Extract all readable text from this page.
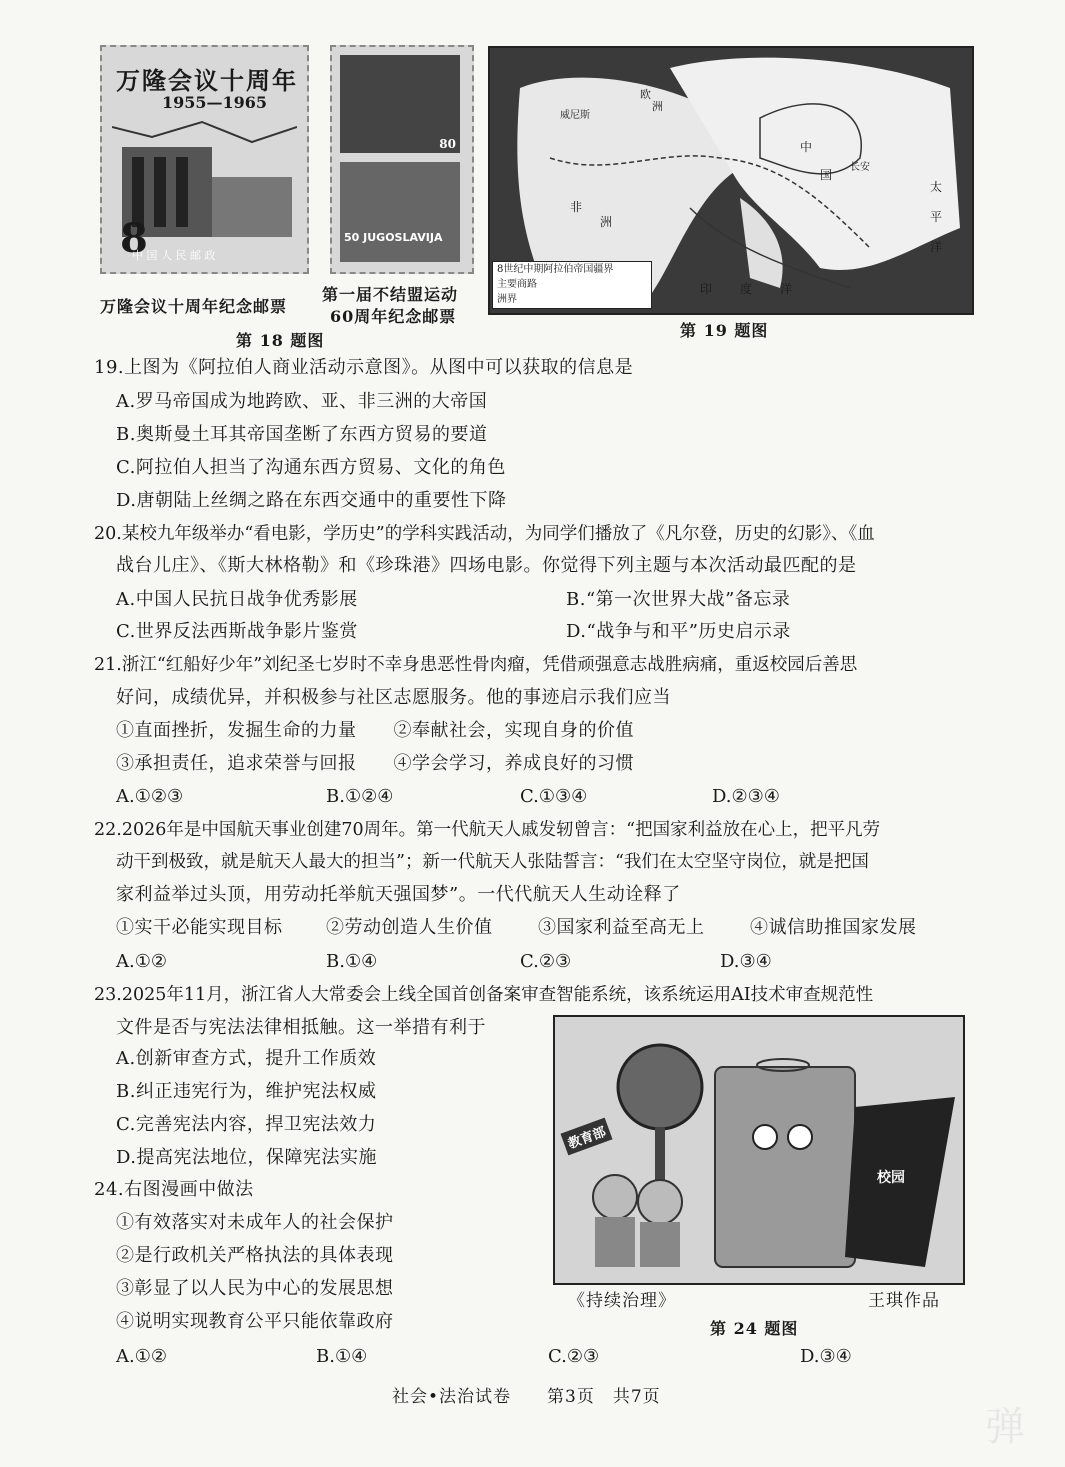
万隆会议十周年
1955—1965
8
中 国 人 民 邮 政
80
50 JUGOSLAVIJA
万隆会议十周年纪念邮票
第一届不结盟运动
60周年纪念邮票
第 18 题图
欧
洲
威尼斯
中
国
长安
非
洲
印 度 洋
太
平
洋
8世纪中期阿拉伯帝国疆界
主要商路
洲界
第 19 题图
19.上图为《阿拉伯人商业活动示意图》。从图中可以获取的信息是
A.罗马帝国成为地跨欧、亚、非三洲的大帝国
B.奥斯曼土耳其帝国垄断了东西方贸易的要道
C.阿拉伯人担当了沟通东西方贸易、文化的角色
D.唐朝陆上丝绸之路在东西交通中的重要性下降
20.某校九年级举办“看电影，学历史”的学科实践活动，为同学们播放了《凡尔登，历史的幻影》、《血
战台儿庄》、《斯大林格勒》和《珍珠港》四场电影。你觉得下列主题与本次活动最匹配的是
A.中国人民抗日战争优秀影展	B.“第一次世界大战”备忘录
C.世界反法西斯战争影片鉴赏	D.“战争与和平”历史启示录
21.浙江“红船好少年”刘纪圣七岁时不幸身患恶性骨肉瘤，凭借顽强意志战胜病痛，重返校园后善思
好问，成绩优异，并积极参与社区志愿服务。他的事迹启示我们应当
①直面挫折，发掘生命的力量　　②奉献社会，实现自身的价值
③承担责任，追求荣誉与回报　　④学会学习，养成良好的习惯
A.①②③	B.①②④	C.①③④	D.②③④
22.2026年是中国航天事业创建70周年。第一代航天人戚发轫曾言：“把国家利益放在心上，把平凡劳
动干到极致，就是航天人最大的担当”；新一代航天人张陆誓言：“我们在太空坚守岗位，就是把国
家利益举过头顶，用劳动托举航天强国梦”。一代代航天人生动诠释了
①实干必能实现目标 ②劳动创造人生价值	③国家利益至高无上	④诚信助推国家发展
A.①②	B.①④	C.②③	D.③④
23.2025年11月，浙江省人大常委会上线全国首创备案审查智能系统，该系统运用AI技术审查规范性
文件是否与宪法法律相抵触。这一举措有利于
A.创新审查方式，提升工作质效
B.纠正违宪行为，维护宪法权威
C.完善宪法内容，捍卫宪法效力
D.提高宪法地位，保障宪法实施
教育部
校园
《持续治理》	王琪作品
第 24 题图
24.右图漫画中做法
①有效落实对未成年人的社会保护
②是行政机关严格执法的具体表现
③彰显了以人民为中心的发展思想
④说明实现教育公平只能依靠政府
A.①②	B.①④	C.②③	D.③④
社会•法治试卷　　第3页　共7页
弹
